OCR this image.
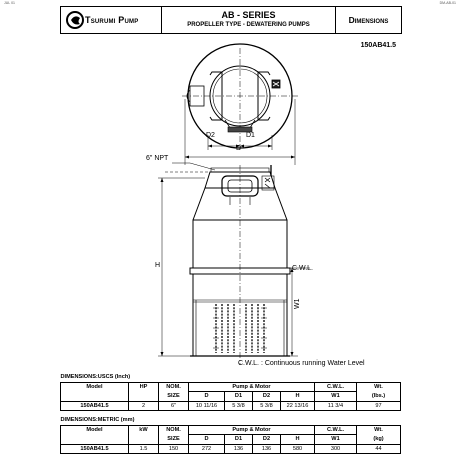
JUL 01	DM-AB-01
Tsurumi Pump	AB - SERIES
PROPELLER TYPE - DEWATERING PUMPS	Dimensions
150AB41.5
D2	D1
D
6" NPT
H	C.W.L.
W1
C.W.L. : Continuous running Water Level
DIMENSIONS:USCS (Inch)								
Model	HP	NOM.	Pump & Motor				C.W.L.	Wt.
		SIZE	D	D1	D2	H	W1	(lbs.)
150AB41.5	2	6"	10 11/16	5 3/8	5 3/8	22 13/16	11 3/4	97
DIMENSIONS:METRIC (mm)								
Model	kW	NOM.	Pump & Motor				C.W.L.	Wt.
		SIZE	D	D1	D2	H	W1	(kg)
150AB41.5	1.5	150	272	136	136	580	300	44
